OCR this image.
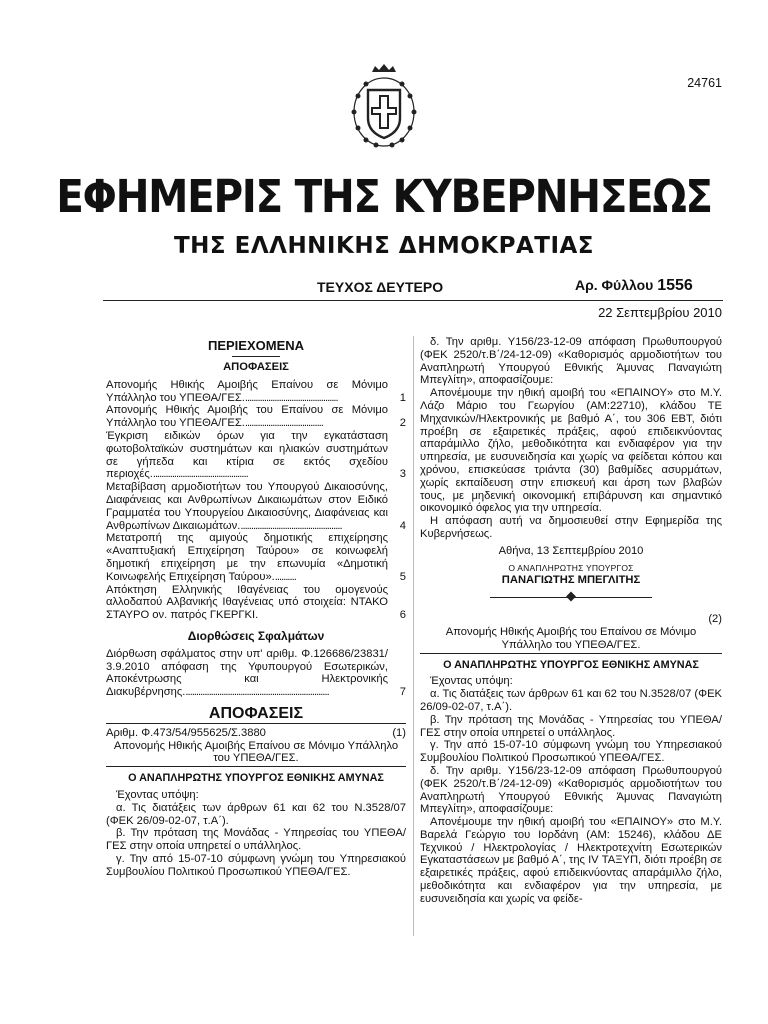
24761
ΕΦΗΜΕΡΙΣ ΤΗΣ ΚΥΒΕΡΝΗΣΕΩΣ
ΤΗΣ ΕΛΛΗΝΙΚΗΣ ΔΗΜΟΚΡΑΤΙΑΣ
ΤΕΥΧΟΣ ΔΕΥΤΕΡΟ	Αρ. Φύλλου 1556
22 Σεπτεμβρίου 2010
ΠΕΡΙΕΧΟΜΕΝΑ
ΑΠΟΦΑΣΕΙΣ
Απονομής Ηθικής Αμοιβής Επαίνου σε Μόνιμο Υπάλληλο του ΥΠΕΘΑ/ΓΕΣ.............................................	1
Απονομής Ηθικής Αμοιβής του Επαίνου σε Μόνιμο Υπάλληλο του ΥΠΕΘΑ/ΓΕΣ......................................	2
Έγκριση ειδικών όρων για την εγκατάσταση φωτοβολταϊκών συστημάτων και ηλιακών συστημάτων σε γήπεδα και κτίρια σε εκτός σχεδίου περιοχές..............................................	3
Μεταβίβαση αρμοδιοτήτων του Υπουργού Δικαιοσύνης, Διαφάνειας και Ανθρωπίνων Δικαιωμάτων στον Ειδικό Γραμματέα του Υπουργείου Δικαιοσύνης, Διαφάνειας και Ανθρωπίνων Δικαιωμάτων.................................................	4
Μετατροπή της αμιγούς δημοτικής επιχείρησης «Αναπτυξιακή Επιχείρηση Ταύρου» σε κοινωφελή δημοτική επιχείρηση με την επωνυμία «Δημοτική Κοινωφελής Επιχείρηση Ταύρου»...........	5
Απόκτηση Ελληνικής Ιθαγένειας του ομογενούς αλλοδαπού Αλβανικής Ιθαγένειας υπό στοιχεία: ΝΤΑΚΟ ΣΤΑΥΡΟ ον. πατρός ΓΚΕΡΓΚΙ.	6
Διορθώσεις Σφαλμάτων
Διόρθωση σφάλματος στην υπ' αριθμ. Φ.126686/23831/ 3.9.2010 απόφαση της Υφυπουργού Εσωτερικών, Αποκέντρωσης και Ηλεκτρονικής Διακυβέρνησης.....................................................................	7
ΑΠΟΦΑΣΕΙΣ
Αριθμ. Φ.473/54/955625/Σ.3880	(1)
Απονομής Ηθικής Αμοιβής Επαίνου σε Μόνιμο Υπάλληλο του ΥΠΕΘΑ/ΓΕΣ.
Ο ΑΝΑΠΛΗΡΩΤΗΣ ΥΠΟΥΡΓΟΣ ΕΘΝΙΚΗΣ ΑΜΥΝΑΣ
Έχοντας υπόψη:
α. Τις διατάξεις των άρθρων 61 και 62 του Ν.3528/07 (ΦΕΚ 26/09-02-07, τ.Α΄).
β. Την πρόταση της Μονάδας - Υπηρεσίας του ΥΠΕΘΑ/ΓΕΣ στην οποία υπηρετεί ο υπάλληλος.
γ. Την από 15-07-10 σύμφωνη γνώμη του Υπηρεσιακού Συμβουλίου Πολιτικού Προσωπικού ΥΠΕΘΑ/ΓΕΣ.
δ. Την αριθμ. Υ156/23-12-09 απόφαση Πρωθυπουργού (ΦΕΚ 2520/τ.Β΄/24-12-09) «Καθορισμός αρμοδιοτήτων του Αναπληρωτή Υπουργού Εθνικής Άμυνας Παναγιώτη Μπεγλίτη», αποφασίζουμε:
Απονέμουμε την ηθική αμοιβή του «ΕΠΑΙΝΟΥ» στο Μ.Υ. Λάζο Μάριο του Γεωργίου (ΑΜ:22710), κλάδου ΤΕ Μηχανικών/Ηλεκτρονικής με βαθμό Α΄, του 306 ΕΒΤ, διότι προέβη σε εξαιρετικές πράξεις, αφού επιδεικνύοντας απαράμιλλο ζήλο, μεθοδικότητα και ενδιαφέρον για την υπηρεσία, με ευσυνειδησία και χωρίς να φείδεται κόπου και χρόνου, επισκεύασε τριάντα (30) βαθμίδες ασυρμάτων, χωρίς εκπαίδευση στην επισκευή και άρση των βλαβών τους, με μηδενική οικονομική επιβάρυνση και σημαντικό οικονομικό όφελος για την υπηρεσία.
Η απόφαση αυτή να δημοσιευθεί στην Εφημερίδα της Κυβερνήσεως.
Αθήνα, 13 Σεπτεμβρίου 2010
Ο ΑΝΑΠΛΗΡΩΤΗΣ ΥΠΟΥΡΓΟΣ
ΠΑΝΑΓΙΩΤΗΣ ΜΠΕΓΛΙΤΗΣ
(2)
Απονομής Ηθικής Αμοιβής του Επαίνου σε Μόνιμο Υπάλληλο του ΥΠΕΘΑ/ΓΕΣ.
Ο ΑΝΑΠΛΗΡΩΤΗΣ ΥΠΟΥΡΓΟΣ ΕΘΝΙΚΗΣ ΑΜΥΝΑΣ
Έχοντας υπόψη:
α. Τις διατάξεις των άρθρων 61 και 62 του Ν.3528/07 (ΦΕΚ 26/09-02-07, τ.Α΄).
β. Την πρόταση της Μονάδας - Υπηρεσίας του ΥΠΕΘΑ/ΓΕΣ στην οποία υπηρετεί ο υπάλληλος.
γ. Την από 15-07-10 σύμφωνη γνώμη του Υπηρεσιακού Συμβουλίου Πολιτικού Προσωπικού ΥΠΕΘΑ/ΓΕΣ.
δ. Την αριθμ. Υ156/23-12-09 απόφαση Πρωθυπουργού (ΦΕΚ 2520/τ.Β΄/24-12-09) «Καθορισμός αρμοδιοτήτων του Αναπληρωτή Υπουργού Εθνικής Άμυνας Παναγιώτη Μπεγλίτη», αποφασίζουμε:
Απονέμουμε την ηθική αμοιβή του «ΕΠΑΙΝΟΥ» στο Μ.Υ. Βαρελά Γεώργιο του Ιορδάνη (ΑΜ: 15246), κλάδου ΔΕ Τεχνικού / Ηλεκτρολογίας / Ηλεκτροτεχνίτη Εσωτερικών Εγκαταστάσεων με βαθμό Α΄, της IV ΤΑΞΥΠ, διότι προέβη σε εξαιρετικές πράξεις, αφού επιδεικνύοντας απαράμιλλο ζήλο, μεθοδικότητα και ενδιαφέρον για την υπηρεσία, με ευσυνειδησία και χωρίς να φείδε-
